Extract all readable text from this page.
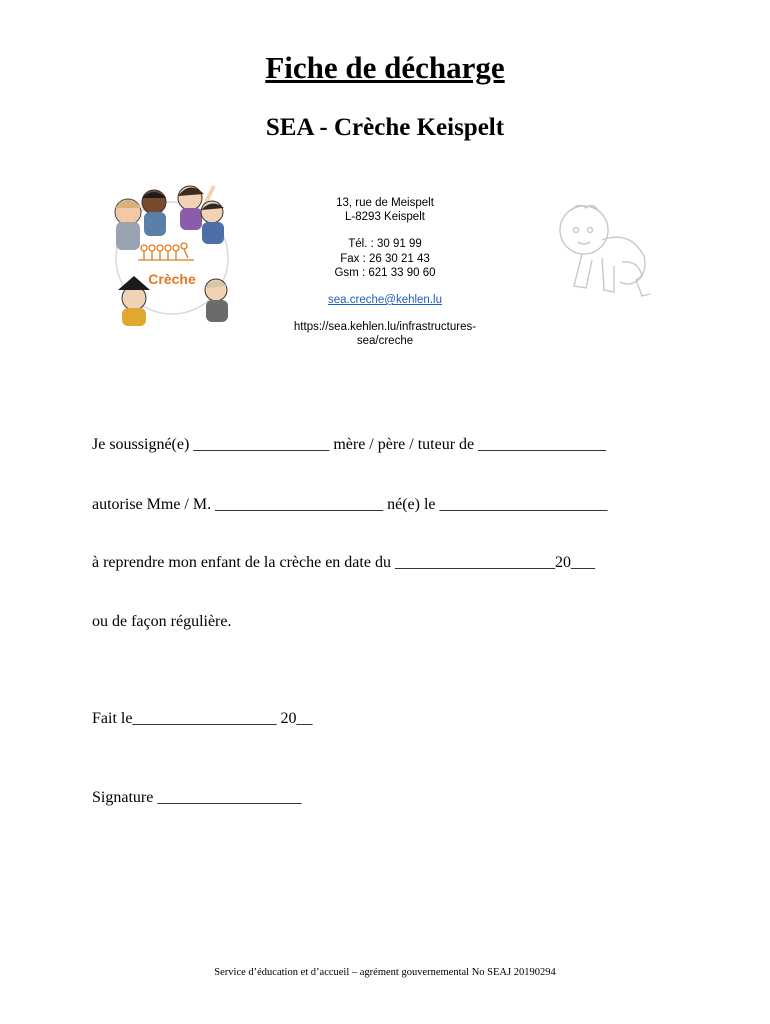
Fiche de décharge
SEA - Crèche Keispelt
Crèche
13, rue de Meispelt
L-8293 Keispelt
Tél. : 30 91 99
Fax : 26 30 21 43
Gsm : 621 33 90 60
sea.creche@kehlen.lu
https://sea.kehlen.lu/infrastructures-
sea/creche
Je soussigné(e) _________________ mère / père / tuteur de ________________
autorise Mme / M. _____________________ né(e) le _____________________
à reprendre mon enfant de la crèche en date du ____________________20___
ou de façon régulière.
Fait le__________________ 20__
Signature __________________
Service d’éducation et d’accueil – agrément gouvernemental No SEAJ 20190294
